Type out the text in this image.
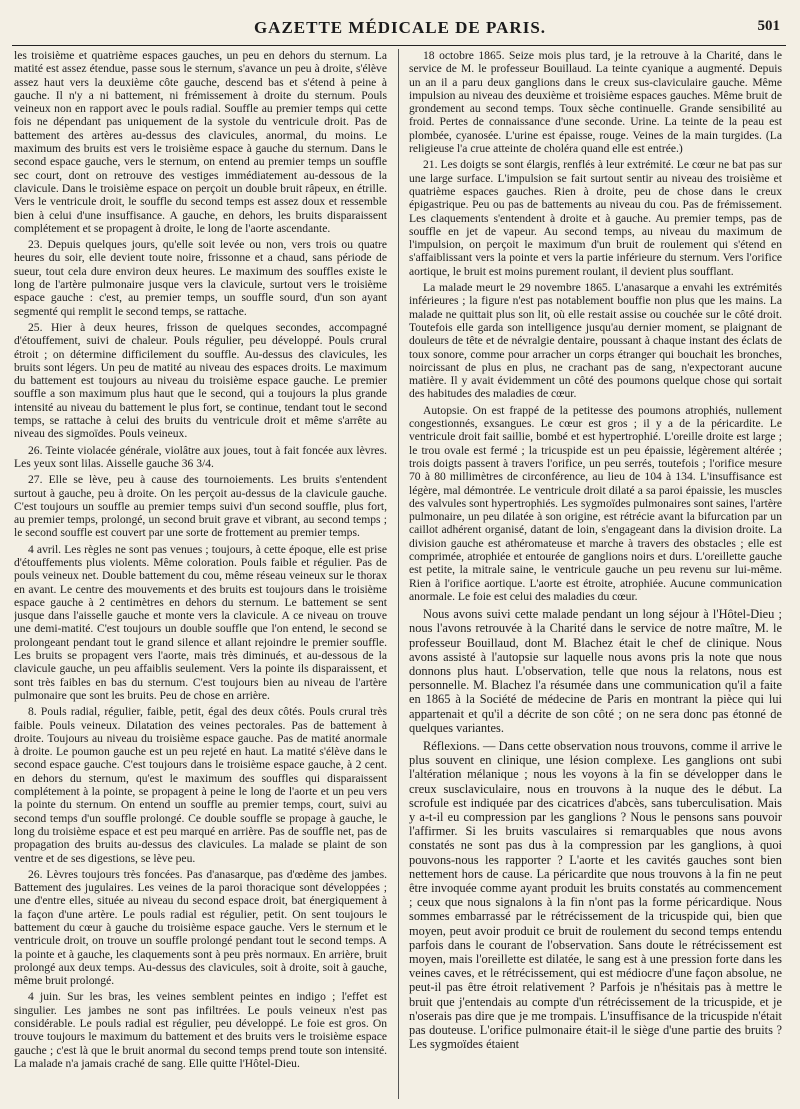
GAZETTE MÉDICALE DE PARIS.	501

les troisième et quatrième espaces gauches, un peu en dehors du sternum. La matité est assez étendue, passe sous le sternum, s'avance un peu à droite, s'élève assez haut vers la deuxième côte gauche, descend bas et s'étend à peine à gauche. Il n'y a ni battement, ni frémissement à droite du sternum. Pouls veineux non en rapport avec le pouls radial. Souffle au premier temps qui cette fois ne dépendant pas uniquement de la systole du ventricule droit. Pas de battement des artères au-dessus des clavicules, anormal, du moins. Le maximum des bruits est vers le troisième espace à gauche du sternum. Dans le second espace gauche, vers le sternum, on entend au premier temps un souffle sec court, dont on retrouve des vestiges immédiatement au-dessous de la clavicule. Dans le troisième espace on perçoit un double bruit râpeux, en étrille. Vers le ventricule droit, le souffle du second temps est assez doux et ressemble bien à celui d'une insuffisance. A gauche, en dehors, les bruits disparaissent complétement et se propagent à droite, le long de l'aorte ascendante.

23. Depuis quelques jours, qu'elle soit levée ou non, vers trois ou quatre heures du soir, elle devient toute noire, frissonne et a chaud, sans période de sueur, tout cela dure environ deux heures. Le maximum des souffles existe le long de l'artère pulmonaire jusque vers la clavicule, surtout vers le troisième espace gauche : c'est, au premier temps, un souffle sourd, d'un son ayant segmenté qui remplit le second temps, se rattache.

25. Hier à deux heures, frisson de quelques secondes, accompagné d'étouffement, suivi de chaleur. Pouls régulier, peu développé. Pouls crural étroit ; on détermine difficilement du souffle. Au-dessus des clavicules, les bruits sont légers. Un peu de matité au niveau des espaces droits. Le maximum du battement est toujours au niveau du troisième espace gauche. Le premier souffle a son maximum plus haut que le second, qui a toujours la plus grande intensité au niveau du battement le plus fort, se continue, tendant tout le second temps, se rattache à celui des bruits du ventricule droit et même s'arrête au niveau des sigmoïdes. Pouls veineux.

26. Teinte violacée générale, violâtre aux joues, tout à fait foncée aux lèvres. Les yeux sont lilas. Aisselle gauche 36 3/4.

27. Elle se lève, peu à cause des tournoiements. Les bruits s'entendent surtout à gauche, peu à droite. On les perçoit au-dessus de la clavicule gauche. C'est toujours un souffle au premier temps suivi d'un second souffle, plus fort, au premier temps, prolongé, un second bruit grave et vibrant, au second temps ; le second souffle est couvert par une sorte de frottement au premier temps.

4 avril. Les règles ne sont pas venues ; toujours, à cette époque, elle est prise d'étouffements plus violents. Même coloration. Pouls faible et régulier. Pas de pouls veineux net. Double battement du cou, même réseau veineux sur le thorax en avant. Le centre des mouvements et des bruits est toujours dans le troisième espace gauche à 2 centimètres en dehors du sternum. Le battement se sent jusque dans l'aisselle gauche et monte vers la clavicule. A ce niveau on trouve une demi-matité. C'est toujours un double souffle que l'on entend, le second se prolongeant pendant tout le grand silence et allant rejoindre le premier souffle. Les bruits se propagent vers l'aorte, mais très diminués, et au-dessous de la clavicule gauche, un peu affaiblis seulement. Vers la pointe ils disparaissent, et sont très faibles en bas du sternum. C'est toujours bien au niveau de l'artère pulmonaire que sont les bruits. Peu de chose en arrière.

8. Pouls radial, régulier, faible, petit, égal des deux côtés. Pouls crural très faible. Pouls veineux. Dilatation des veines pectorales. Pas de battement à droite. Toujours au niveau du troisième espace gauche. Pas de matité anormale à droite. Le poumon gauche est un peu rejeté en haut. La matité s'élève dans le second espace gauche. C'est toujours dans le troisième espace gauche, à 2 cent. en dehors du sternum, qu'est le maximum des souffles qui disparaissent complétement à la pointe, se propagent à peine le long de l'aorte et un peu vers la pointe du sternum. On entend un souffle au premier temps, court, suivi au second temps d'un souffle prolongé. Ce double souffle se propage à gauche, le long du troisième espace et est peu marqué en arrière. Pas de souffle net, pas de propagation des bruits au-dessus des clavicules. La malade se plaint de son ventre et de ses digestions, se lève peu.

26. Lèvres toujours très foncées. Pas d'anasarque, pas d'œdème des jambes. Battement des jugulaires. Les veines de la paroi thoracique sont développées ; une d'entre elles, située au niveau du second espace droit, bat énergiquement à la façon d'une artère. Le pouls radial est régulier, petit. On sent toujours le battement du cœur à gauche du troisième espace gauche. Vers le sternum et le ventricule droit, on trouve un souffle prolongé pendant tout le second temps. A la pointe et à gauche, les claquements sont à peu près normaux. En arrière, bruit prolongé aux deux temps. Au-dessus des clavicules, soit à droite, soit à gauche, même bruit prolongé.

4 juin. Sur les bras, les veines semblent peintes en indigo ; l'effet est singulier. Les jambes ne sont pas infiltrées. Le pouls veineux n'est pas considérable. Le pouls radial est régulier, peu développé. Le foie est gros. On trouve toujours le maximum du battement et des bruits vers le troisième espace gauche ; c'est là que le bruit anormal du second temps prend toute son intensité. La malade n'a jamais craché de sang. Elle quitte l'Hôtel-Dieu.

18 octobre 1865. Seize mois plus tard, je la retrouve à la Charité, dans le service de M. le professeur Bouillaud. La teinte cyanique a augmenté. Depuis un an il a paru deux ganglions dans le creux sus-claviculaire gauche. Même impulsion au niveau des deuxième et troisième espaces gauches. Même bruit de grondement au second temps. Toux sèche continuelle. Grande sensibilité au froid. Pertes de connaissance d'une seconde. Urine. La teinte de la peau est plombée, cyanosée. L'urine est épaisse, rouge. Veines de la main turgides. (La religieuse l'a crue atteinte de choléra quand elle est entrée.)

21. Les doigts se sont élargis, renflés à leur extrémité. Le cœur ne bat pas sur une large surface. L'impulsion se fait surtout sentir au niveau des troisième et quatrième espaces gauches. Rien à droite, peu de chose dans le creux épigastrique. Peu ou pas de battements au niveau du cou. Pas de frémissement. Les claquements s'entendent à droite et à gauche. Au premier temps, pas de souffle en jet de vapeur. Au second temps, au niveau du maximum de l'impulsion, on perçoit le maximum d'un bruit de roulement qui s'étend en s'affaiblissant vers la pointe et vers la partie inférieure du sternum. Vers l'orifice aortique, le bruit est moins purement roulant, il devient plus soufflant.

La malade meurt le 29 novembre 1865. L'anasarque a envahi les extrémités inférieures ; la figure n'est pas notablement bouffie non plus que les mains. La malade ne quittait plus son lit, où elle restait assise ou couchée sur le côté droit. Toutefois elle garda son intelligence jusqu'au dernier moment, se plaignant de douleurs de tête et de névralgie dentaire, poussant à chaque instant des éclats de toux sonore, comme pour arracher un corps étranger qui bouchait les bronches, noircissant de plus en plus, ne crachant pas de sang, n'expectorant aucune matière. Il y avait évidemment un côté des poumons quelque chose qui sortait des habitudes des maladies de cœur.

Autopsie. On est frappé de la petitesse des poumons atrophiés, nullement congestionnés, exsangues. Le cœur est gros ; il y a de la péricardite. Le ventricule droit fait saillie, bombé et est hypertrophié. L'oreille droite est large ; le trou ovale est fermé ; la tricuspide est un peu épaissie, légèrement altérée ; trois doigts passent à travers l'orifice, un peu serrés, toutefois ; l'orifice mesure 70 à 80 millimètres de circonférence, au lieu de 104 à 134. L'insuffisance est légère, mal démontrée. Le ventricule droit dilaté a sa paroi épaissie, les muscles des valvules sont hypertrophiés. Les sygmoïdes pulmonaires sont saines, l'artère pulmonaire, un peu dilatée à son origine, est rétrécie avant la bifurcation par un caillot adhérent organisé, datant de loin, s'engageant dans la division droite. La division gauche est athéromateuse et marche à travers des obstacles ; elle est comprimée, atrophiée et entourée de ganglions noirs et durs. L'oreillette gauche est petite, la mitrale saine, le ventricule gauche un peu revenu sur lui-même. Rien à l'orifice aortique. L'aorte est étroite, atrophiée. Aucune communication anormale. Le foie est celui des maladies du cœur.

Nous avons suivi cette malade pendant un long séjour à l'Hôtel-Dieu ; nous l'avons retrouvée à la Charité dans le service de notre maître, M. le professeur Bouillaud, dont M. Blachez était le chef de clinique. Nous avons assisté à l'autopsie sur laquelle nous avons pris la note que nous donnons plus haut. L'observation, telle que nous la relatons, nous est personnelle. M. Blachez l'a résumée dans une communication qu'il a faite en 1865 à la Société de médecine de Paris en montrant la pièce qui lui appartenait et qu'il a décrite de son côté ; on ne sera donc pas étonné de quelques variantes.

Réflexions. — Dans cette observation nous trouvons, comme il arrive le plus souvent en clinique, une lésion complexe. Les ganglions ont subi l'altération mélanique ; nous les voyons à la fin se développer dans le creux susclaviculaire, nous en trouvons à la nuque des le début. La scrofule est indiquée par des cicatrices d'abcès, sans tuberculisation. Mais y a-t-il eu compression par les ganglions ? Nous le pensons sans pouvoir l'affirmer. Si les bruits vasculaires si remarquables que nous avons constatés ne sont pas dus à la compression par les ganglions, à quoi pouvons-nous les rapporter ? L'aorte et les cavités gauches sont bien nettement hors de cause. La péricardite que nous trouvons à la fin ne peut être invoquée comme ayant produit les bruits constatés au commencement ; ceux que nous signalons à la fin n'ont pas la forme péricardique. Nous sommes embarrassé par le rétrécissement de la tricuspide qui, bien que moyen, peut avoir produit ce bruit de roulement du second temps entendu parfois dans le courant de l'observation. Sans doute le rétrécissement est moyen, mais l'oreillette est dilatée, le sang est à une pression forte dans les veines caves, et le rétrécissement, qui est médiocre d'une façon absolue, ne peut-il pas être étroit relativement ? Parfois je n'hésitais pas à mettre le bruit que j'entendais au compte d'un rétrécissement de la tricuspide, et je n'oserais pas dire que je me trompais. L'insuffisance de la tricuspide n'était pas douteuse. L'orifice pulmonaire était-il le siège d'une partie des bruits ? Les sygmoïdes étaient
